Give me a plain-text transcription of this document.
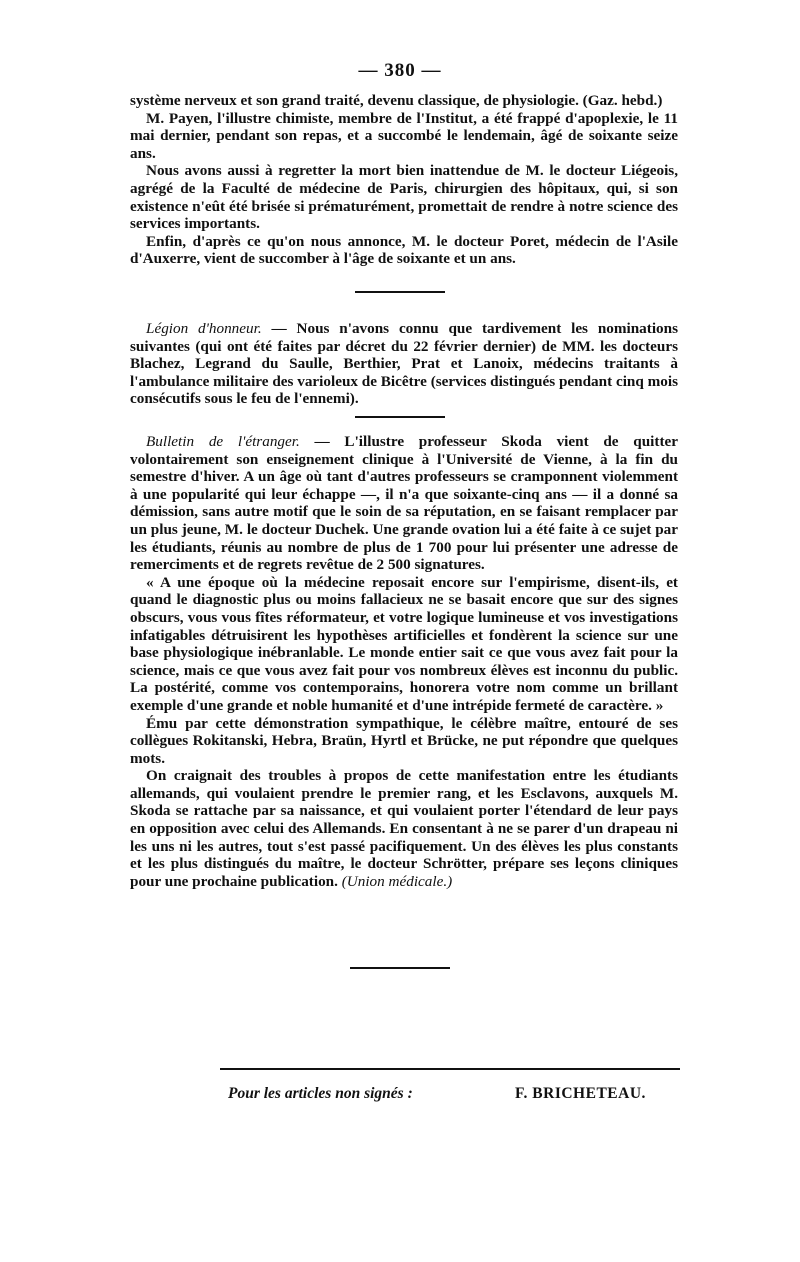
— 380 —

système nerveux et son grand traité, devenu classique, de physiologie. (Gaz. hebd.)

M. Payen, l'illustre chimiste, membre de l'Institut, a été frappé d'apoplexie, le 11 mai dernier, pendant son repas, et a succombé le lendemain, âgé de soixante seize ans.

Nous avons aussi à regretter la mort bien inattendue de M. le docteur Liégeois, agrégé de la Faculté de médecine de Paris, chirurgien des hôpitaux, qui, si son existence n'eût été brisée si prématurément, promettait de rendre à notre science des services importants.

Enfin, d'après ce qu'on nous annonce, M. le docteur Poret, médecin de l'Asile d'Auxerre, vient de succomber à l'âge de soixante et un ans.

Légion d'honneur. — Nous n'avons connu que tardivement les nominations suivantes (qui ont été faites par décret du 22 février dernier) de MM. les docteurs Blachez, Legrand du Saulle, Berthier, Prat et Lanoix, médecins traitants à l'ambulance militaire des varioleux de Bicêtre (services distingués pendant cinq mois consécutifs sous le feu de l'ennemi).

Bulletin de l'étranger. — L'illustre professeur Skoda vient de quitter volontairement son enseignement clinique à l'Université de Vienne, à la fin du semestre d'hiver. A un âge où tant d'autres professeurs se cramponnent violemment à une popularité qui leur échappe —, il n'a que soixante-cinq ans — il a donné sa démission, sans autre motif que le soin de sa réputation, en se faisant remplacer par un plus jeune, M. le docteur Duchek. Une grande ovation lui a été faite à ce sujet par les étudiants, réunis au nombre de plus de 1 700 pour lui présenter une adresse de remerciments et de regrets revêtue de 2 500 signatures.

« A une époque où la médecine reposait encore sur l'empirisme, disent-ils, et quand le diagnostic plus ou moins fallacieux ne se basait encore que sur des signes obscurs, vous vous fîtes réformateur, et votre logique lumineuse et vos investigations infatigables détruisirent les hypothèses artificielles et fondèrent la science sur une base physiologique inébranlable. Le monde entier sait ce que vous avez fait pour la science, mais ce que vous avez fait pour vos nombreux élèves est inconnu du public. La postérité, comme vos contemporains, honorera votre nom comme un brillant exemple d'une grande et noble humanité et d'une intrépide fermeté de caractère. »

Ému par cette démonstration sympathique, le célèbre maître, entouré de ses collègues Rokitanski, Hebra, Braün, Hyrtl et Brücke, ne put répondre que quelques mots.

On craignait des troubles à propos de cette manifestation entre les étudiants allemands, qui voulaient prendre le premier rang, et les Esclavons, auxquels M. Skoda se rattache par sa naissance, et qui voulaient porter l'étendard de leur pays en opposition avec celui des Allemands. En consentant à ne se parer d'un drapeau ni les uns ni les autres, tout s'est passé pacifiquement. Un des élèves les plus constants et les plus distingués du maître, le docteur Schrötter, prépare ses leçons cliniques pour une prochaine publication. (Union médicale.)

Pour les articles non signés :	F. BRICHETEAU.
